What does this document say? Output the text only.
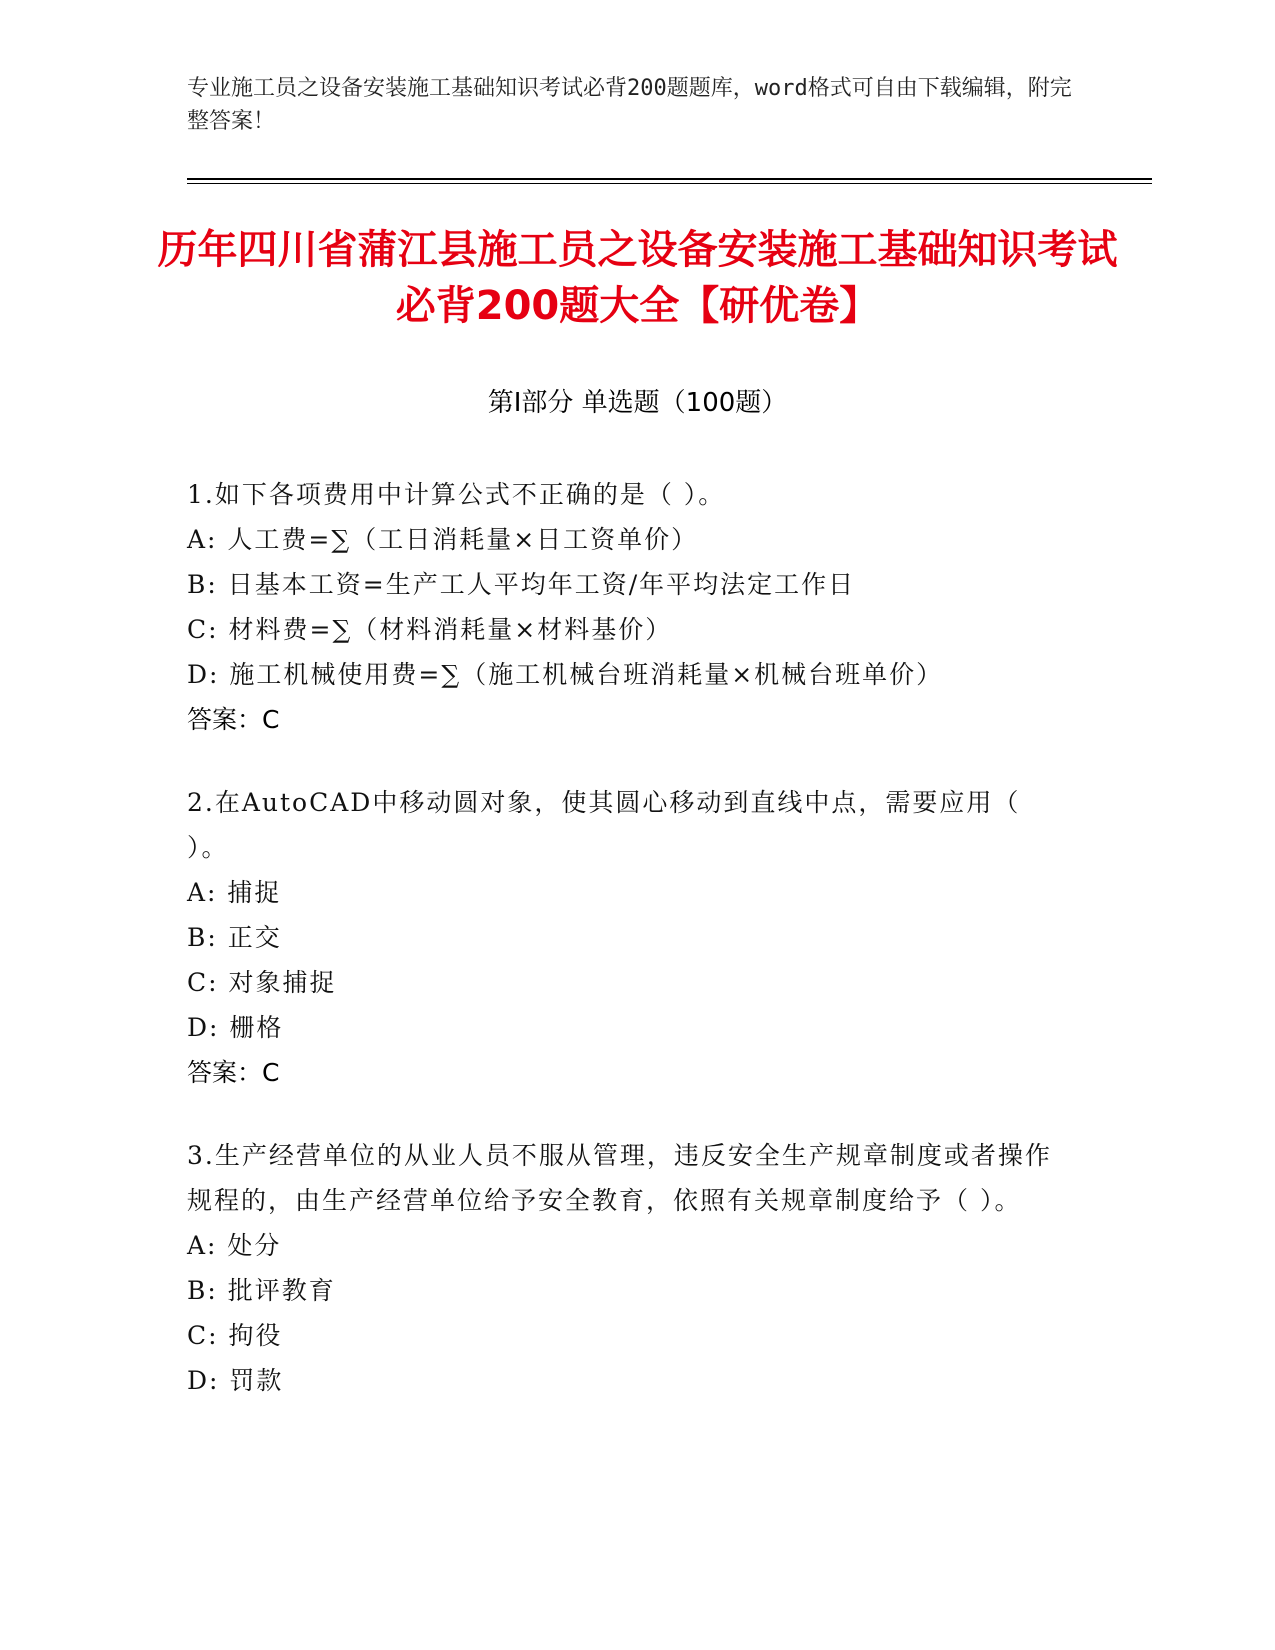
专业施工员之设备安装施工基础知识考试必背200题题库，word格式可自由下载编辑，附完整答案！
历年四川省蒲江县施工员之设备安装施工基础知识考试必背200题大全【研优卷】
第Ⅰ部分 单选题（100题）

1.如下各项费用中计算公式不正确的是（ ）。

A: 人工费=∑（工日消耗量×日工资单价）

B: 日基本工资=生产工人平均年工资/年平均法定工作日

C: 材料费=∑（材料消耗量×材料基价）

D: 施工机械使用费=∑（施工机械台班消耗量×机械台班单价）

答案：C

2.在AutoCAD中移动圆对象，使其圆心移动到直线中点，需要应用（ ）。

A: 捕捉

B: 正交

C: 对象捕捉

D: 栅格

答案：C

3.生产经营单位的从业人员不服从管理，违反安全生产规章制度或者操作规程的，由生产经营单位给予安全教育，依照有关规章制度给予（ ）。

A: 处分

B: 批评教育

C: 拘役

D: 罚款
